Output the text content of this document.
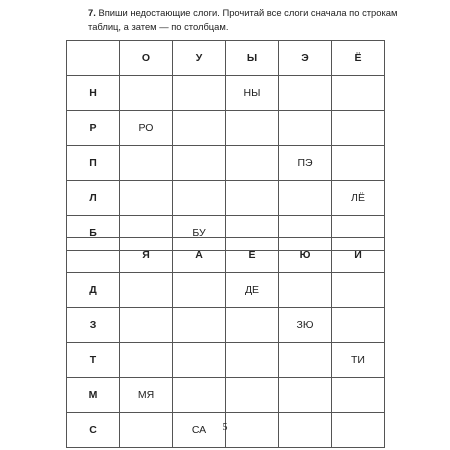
7. Впиши недостающие слоги. Прочитай все слоги сначала по строкам таблиц, а затем — по столбцам.
	О	У	Ы	Э	Ё
Н			НЫ		
Р	РО				
П				ПЭ	
Л					ЛЁ
Б		БУ			
	Я	А	Е	Ю	И
Д			ДЕ		
З				ЗЮ	
Т					ТИ
М	МЯ				
С		СА				5
